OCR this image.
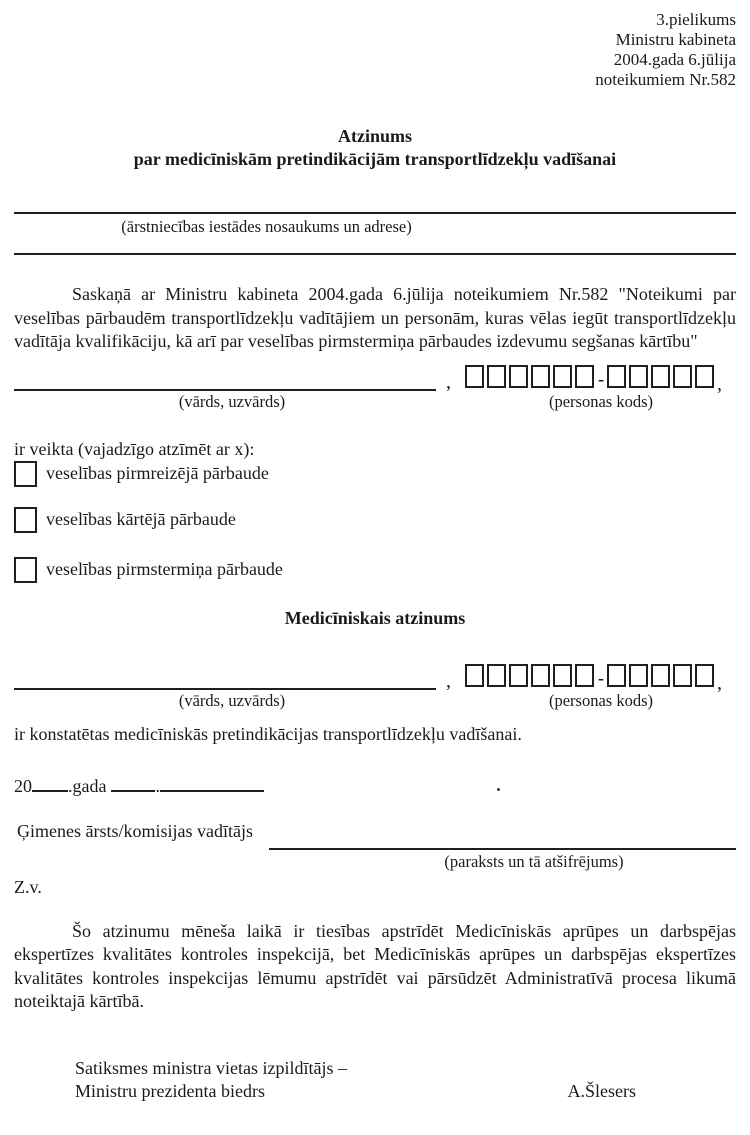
3.pielikums
Ministru kabineta
2004.gada 6.jūlija
noteikumiem Nr.582
Atzinums
par medicīniskām pretindikācijām transportlīdzekļu vadīšanai
(ārstniecības iestādes nosaukums un adrese)
Saskaņā ar Ministru kabineta 2004.gada 6.jūlija noteikumiem Nr.582 "Noteikumi par veselības pārbaudēm transportlīdzekļu vadītājiem un personām, kuras vēlas iegūt transportlīdzekļu vadītāja kvalifikāciju, kā arī par veselības pirmstermiņa pārbaudes izdevumu segšanas kārtību"
,	-	,
(vārds, uzvārds)	(personas kods)
ir veikta (vajadzīgo atzīmēt ar x):
veselības pirmreizējā pārbaude
veselības kārtējā pārbaude
veselības pirmstermiņa pārbaude
Medicīniskais atzinums
,	-	,
(vārds, uzvārds)	(personas kods)
ir konstatētas medicīniskās pretindikācijas transportlīdzekļu vadīšanai.
20 .gada	.
Ģimenes ārsts/komisijas vadītājs
(paraksts un tā atšifrējums)
Z.v.
Šo atzinumu mēneša laikā ir tiesības apstrīdēt Medicīniskās aprūpes un darbspējas ekspertīzes kvalitātes kontroles inspekcijā, bet Medicīniskās aprūpes un darbspējas ekspertīzes kvalitātes kontroles inspekcijas lēmumu apstrīdēt vai pārsūdzēt Administratīvā procesa likumā noteiktajā kārtībā.
Satiksmes ministra vietas izpildītājs –
Ministru prezidenta biedrs	A.Šlesers
